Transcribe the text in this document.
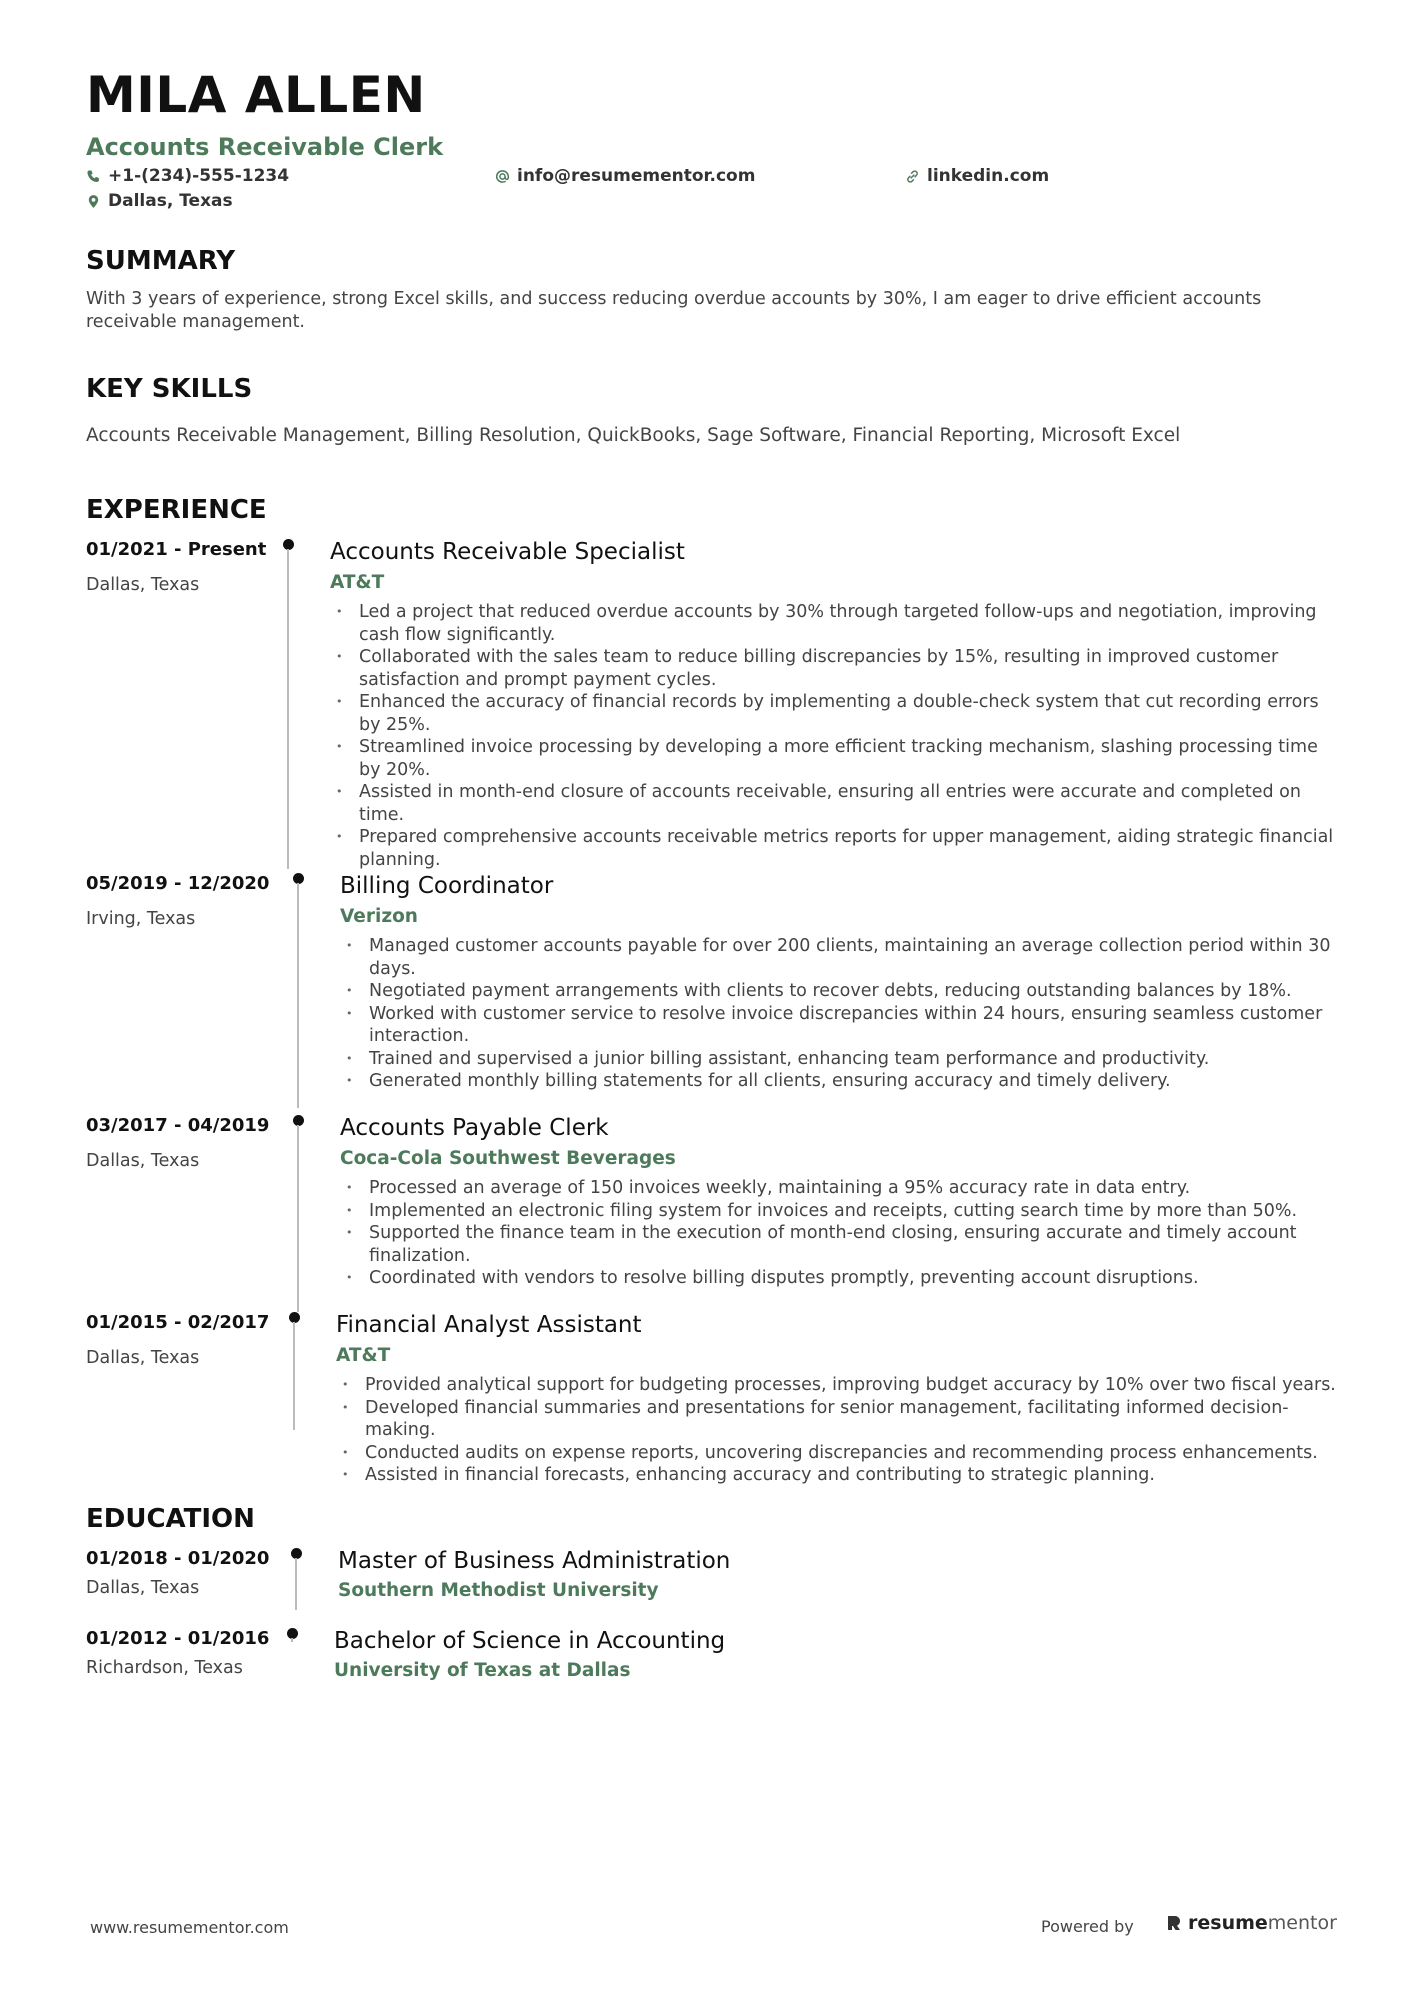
MILA ALLEN
Accounts Receivable Clerk
+1-(234)-555-1234	info@resumementor.com	linkedin.com
Dallas, Texas
SUMMARY
With 3 years of experience, strong Excel skills, and success reducing overdue accounts by 30%, I am eager to drive efficient accounts receivable management.
KEY SKILLS
Accounts Receivable Management, Billing Resolution, QuickBooks, Sage Software, Financial Reporting, Microsoft Excel
EXPERIENCE
01/2021 - Present
Dallas, Texas
Accounts Receivable Specialist
AT&T
• Led a project that reduced overdue accounts by 30% through targeted follow-ups and negotiation, improving cash flow significantly.
• Collaborated with the sales team to reduce billing discrepancies by 15%, resulting in improved customer satisfaction and prompt payment cycles.
• Enhanced the accuracy of financial records by implementing a double-check system that cut recording errors by 25%.
• Streamlined invoice processing by developing a more efficient tracking mechanism, slashing processing time by 20%.
• Assisted in month-end closure of accounts receivable, ensuring all entries were accurate and completed on time.
• Prepared comprehensive accounts receivable metrics reports for upper management, aiding strategic financial planning.
05/2019 - 12/2020
Irving, Texas
Billing Coordinator
Verizon
• Managed customer accounts payable for over 200 clients, maintaining an average collection period within 30 days.
• Negotiated payment arrangements with clients to recover debts, reducing outstanding balances by 18%.
• Worked with customer service to resolve invoice discrepancies within 24 hours, ensuring seamless customer interaction.
• Trained and supervised a junior billing assistant, enhancing team performance and productivity.
• Generated monthly billing statements for all clients, ensuring accuracy and timely delivery.
03/2017 - 04/2019
Dallas, Texas
Accounts Payable Clerk
Coca-Cola Southwest Beverages
• Processed an average of 150 invoices weekly, maintaining a 95% accuracy rate in data entry.
• Implemented an electronic filing system for invoices and receipts, cutting search time by more than 50%.
• Supported the finance team in the execution of month-end closing, ensuring accurate and timely account finalization.
• Coordinated with vendors to resolve billing disputes promptly, preventing account disruptions.
01/2015 - 02/2017
Dallas, Texas
Financial Analyst Assistant
AT&T
• Provided analytical support for budgeting processes, improving budget accuracy by 10% over two fiscal years.
• Developed financial summaries and presentations for senior management, facilitating informed decision-making.
• Conducted audits on expense reports, uncovering discrepancies and recommending process enhancements.
• Assisted in financial forecasts, enhancing accuracy and contributing to strategic planning.
EDUCATION
01/2018 - 01/2020
Dallas, Texas
Master of Business Administration
Southern Methodist University
01/2012 - 01/2016
Richardson, Texas
Bachelor of Science in Accounting
University of Texas at Dallas
www.resumementor.com	Powered by	resumementor
